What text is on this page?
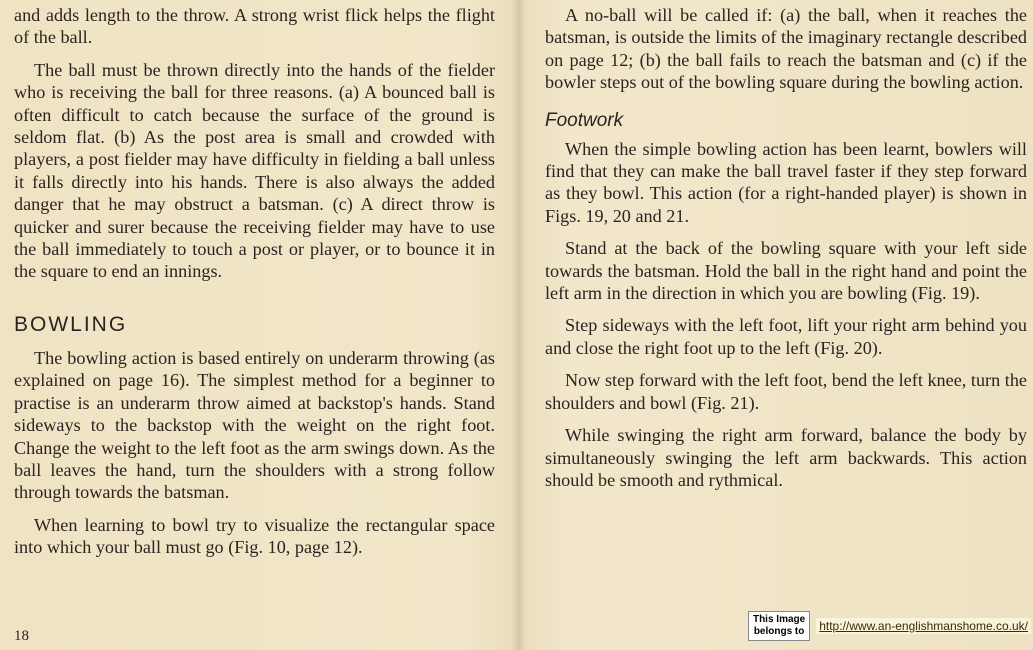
and adds length to the throw. A strong wrist flick helps the flight of the ball.

The ball must be thrown directly into the hands of the fielder who is receiving the ball for three reasons. (a) A bounced ball is often difficult to catch because the surface of the ground is seldom flat. (b) As the post area is small and crowded with players, a post fielder may have difficulty in fielding a ball unless it falls directly into his hands. There is also always the added danger that he may obstruct a batsman. (c) A direct throw is quicker and surer because the receiving fielder may have to use the ball immediately to touch a post or player, or to bounce it in the square to end an innings.

BOWLING

The bowling action is based entirely on underarm throwing (as explained on page 16). The simplest method for a beginner to practise is an underarm throw aimed at backstop's hands. Stand sideways to the backstop with the weight on the right foot. Change the weight to the left foot as the arm swings down. As the ball leaves the hand, turn the shoulders with a strong follow through towards the batsman.

When learning to bowl try to visualize the rectangular space into which your ball must go (Fig. 10, page 12).

A no-ball will be called if: (a) the ball, when it reaches the batsman, is outside the limits of the imaginary rectangle described on page 12; (b) the ball fails to reach the batsman and (c) if the bowler steps out of the bowling square during the bowling action.

Footwork

When the simple bowling action has been learnt, bowlers will find that they can make the ball travel faster if they step forward as they bowl. This action (for a right-handed player) is shown in Figs. 19, 20 and 21.

Stand at the back of the bowling square with your left side towards the batsman. Hold the ball in the right hand and point the left arm in the direction in which you are bowling (Fig. 19).

Step sideways with the left foot, lift your right arm behind you and close the right foot up to the left (Fig. 20).

Now step forward with the left foot, bend the left knee, turn the shoulders and bowl (Fig. 21).

While swinging the right arm forward, balance the body by simultaneously swinging the left arm backwards. This action should be smooth and rythmical.

18
This Image
belongs to http://www.an-englishmanshome.co.uk/
